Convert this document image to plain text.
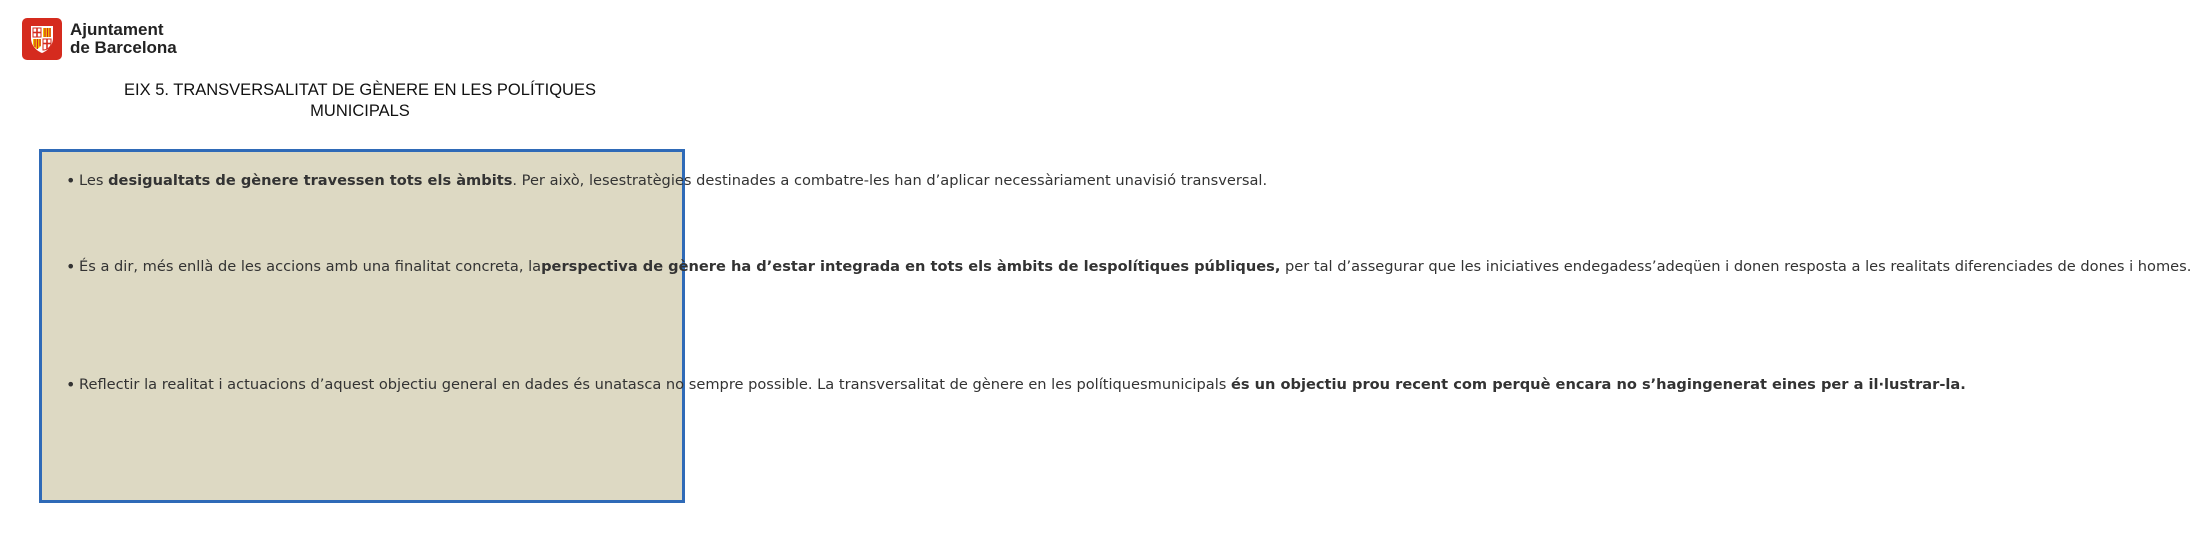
Ajuntament
de Barcelona
EIX 5. TRANSVERSALITAT DE GÈNERE EN LES POLÍTIQUES
MUNICIPALS
• Les desigualtats de gènere travessen tots els àmbits. Per això, lesestratègies destinades a combatre-les han d’aplicar necessàriament unavisió transversal.
• És a dir, més enllà de les accions amb una finalitat concreta, laperspectiva de gènere ha d’estar integrada en tots els àmbits de lespolítiques públiques, per tal d’assegurar que les iniciatives endegadess’adeqüen i donen resposta a les realitats diferenciades de dones i homes.
• Reflectir la realitat i actuacions d’aquest objectiu general en dades és unatasca no sempre possible. La transversalitat de gènere en les polítiquesmunicipals és un objectiu prou recent com perquè encara no s’hagingenerat eines per a il·lustrar-la.
